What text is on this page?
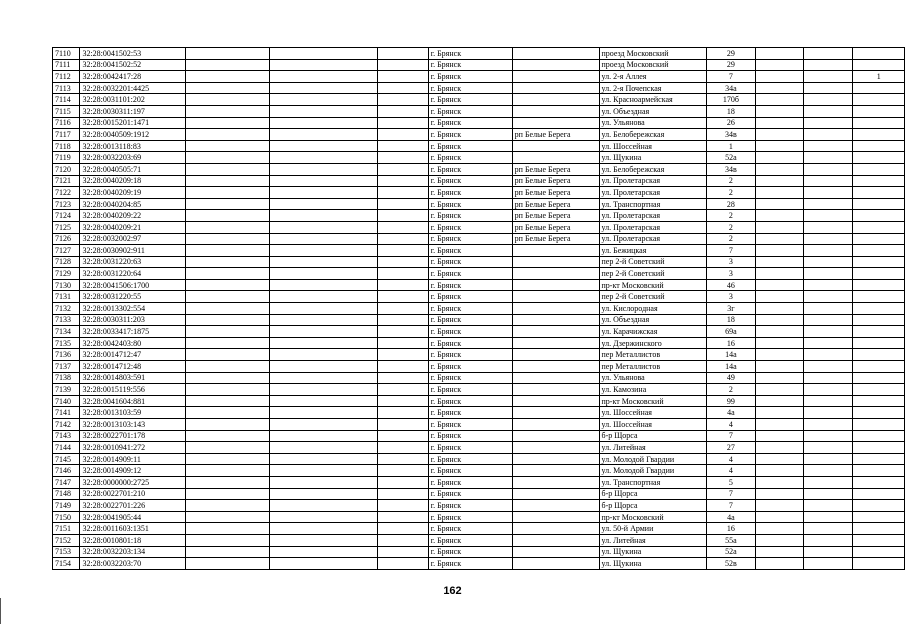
7110	32:28:0041502:53				г. Брянск		проезд Московский	29			
7111	32:28:0041502:52				г. Брянск		проезд Московский	29			
7112	32:28:0042417:28				г. Брянск		ул. 2-я Аллея	7			1
7113	32:28:0032201:4425				г. Брянск		ул. 2-я Почепская	34а			
7114	32:28:0031101:202				г. Брянск		ул. Красноармейская	170б			
7115	32:28:0030311:197				г. Брянск		ул. Объездная	18			
7116	32:28:0015201:1471				г. Брянск		ул. Ульянова	26			
7117	32:28:0040509:1912				г. Брянск	рп Белые Берега	ул. Белобережская	34в			
7118	32:28:0013118:83				г. Брянск		ул. Шоссейная	1			
7119	32:28:0032203:69				г. Брянск		ул. Щукина	52а			
7120	32:28:0040505:71				г. Брянск	рп Белые Берега	ул. Белобережская	34в			
7121	32:28:0040209:18				г. Брянск	рп Белые Берега	ул. Пролетарская	2			
7122	32:28:0040209:19				г. Брянск	рп Белые Берега	ул. Пролетарская	2			
7123	32:28:0040204:85				г. Брянск	рп Белые Берега	ул. Транспортная	28			
7124	32:28:0040209:22				г. Брянск	рп Белые Берега	ул. Пролетарская	2			
7125	32:28:0040209:21				г. Брянск	рп Белые Берега	ул. Пролетарская	2			
7126	32:28:0032002:97				г. Брянск	рп Белые Берега	ул. Пролетарская	2			
7127	32:28:0030902:911				г. Брянск		ул. Бежицкая	7			
7128	32:28:0031220:63				г. Брянск		пер 2-й Советский	3			
7129	32:28:0031220:64				г. Брянск		пер 2-й Советский	3			
7130	32:28:0041506:1700				г. Брянск		пр-кт Московский	46			
7131	32:28:0031220:55				г. Брянск		пер 2-й Советский	3			
7132	32:28:0013302:554				г. Брянск		ул. Кислородная	3г			
7133	32:28:0030311:203				г. Брянск		ул. Объездная	18			
7134	32:28:0033417:1875				г. Брянск		ул. Карачижская	69а			
7135	32:28:0042403:80				г. Брянск		ул. Дзержинского	16			
7136	32:28:0014712:47				г. Брянск		пер Металлистов	14а			
7137	32:28:0014712:48				г. Брянск		пер Металлистов	14а			
7138	32:28:0014803:591				г. Брянск		ул. Ульянова	49			
7139	32:28:0015119:556				г. Брянск		ул. Камозина	2			
7140	32:28:0041604:881				г. Брянск		пр-кт Московский	99			
7141	32:28:0013103:59				г. Брянск		ул. Шоссейная	4а			
7142	32:28:0013103:143				г. Брянск		ул. Шоссейная	4			
7143	32:28:0022701:178				г. Брянск		б-р Щорса	7			
7144	32:28:0010941:272				г. Брянск		ул. Литейная	27			
7145	32:28:0014909:11				г. Брянск		ул. Молодой Гвардии	4			
7146	32:28:0014909:12				г. Брянск		ул. Молодой Гвардии	4			
7147	32:28:0000000:2725				г. Брянск		ул. Транспортная	5			
7148	32:28:0022701:210				г. Брянск		б-р Щорса	7			
7149	32:28:0022701:226				г. Брянск		б-р Щорса	7			
7150	32:28:0041905:44				г. Брянск		пр-кт Московский	4а			
7151	32:28:0011603:1351				г. Брянск		ул. 50-й Армии	16			
7152	32:28:0010801:18				г. Брянск		ул. Литейная	55а			
7153	32:28:0032203:134				г. Брянск		ул. Щукина	52а			
7154	32:28:0032203:70				г. Брянск		ул. Щукина	52в			
162
